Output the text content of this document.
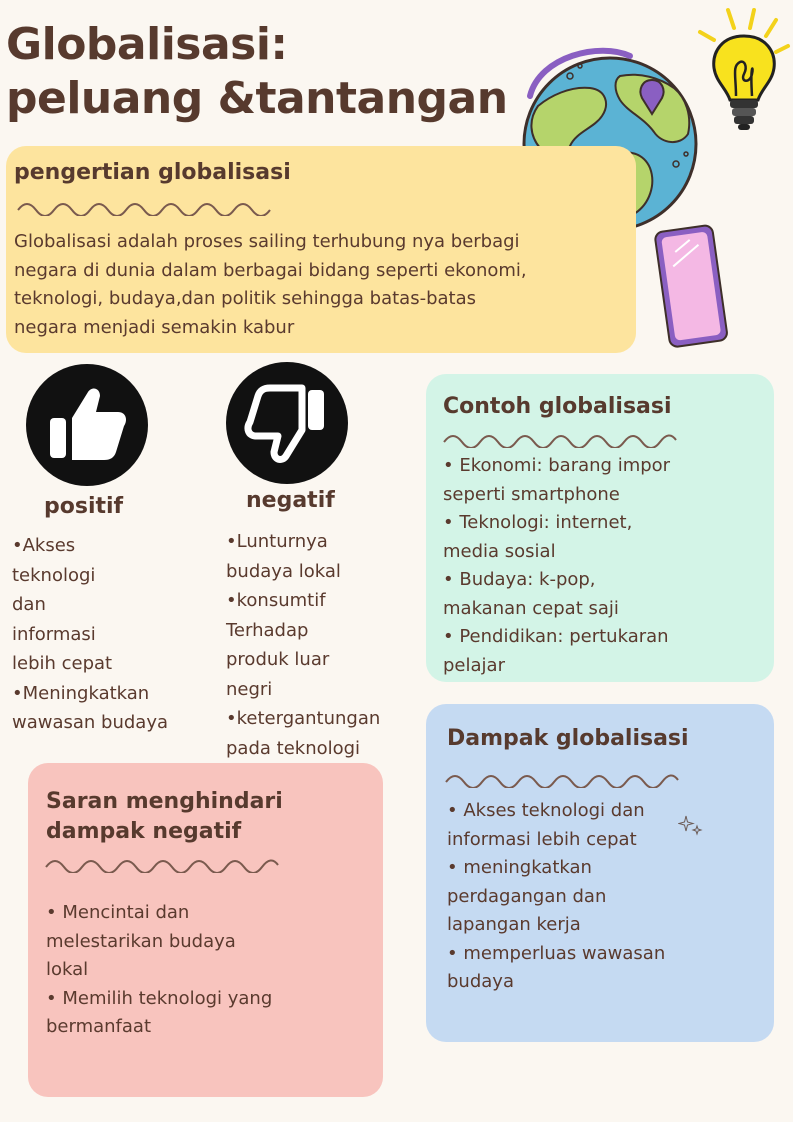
Globalisasi:
peluang &tantangan
pengertian globalisasi

Globalisasi adalah proses sailing terhubung nya berbagi
negara di dunia dalam berbagai bidang seperti ekonomi,
teknologi, budaya,dan politik sehingga batas-batas
negara menjadi semakin kabur

positif

•Akses
teknologi
dan
informasi
lebih cepat

•Meningkatkan
wawasan budaya

negatif

•Lunturnya
budaya lokal

•konsumtif
Terhadap
produk luar
negri

•ketergantungan
pada teknologi

Contoh globalisasi

• Ekonomi: barang impor
seperti smartphone

• Teknologi: internet,
media sosial

• Budaya: k-pop,
makanan cepat saji

• Pendidikan: pertukaran
pelajar

Dampak globalisasi

• Akses teknologi dan
informasi lebih cepat

• meningkatkan
perdagangan dan
lapangan kerja

• memperluas wawasan
budaya

Saran menghindari
dampak negatif

• Mencintai dan
melestarikan budaya
lokal

• Memilih teknologi yang
bermanfaat
